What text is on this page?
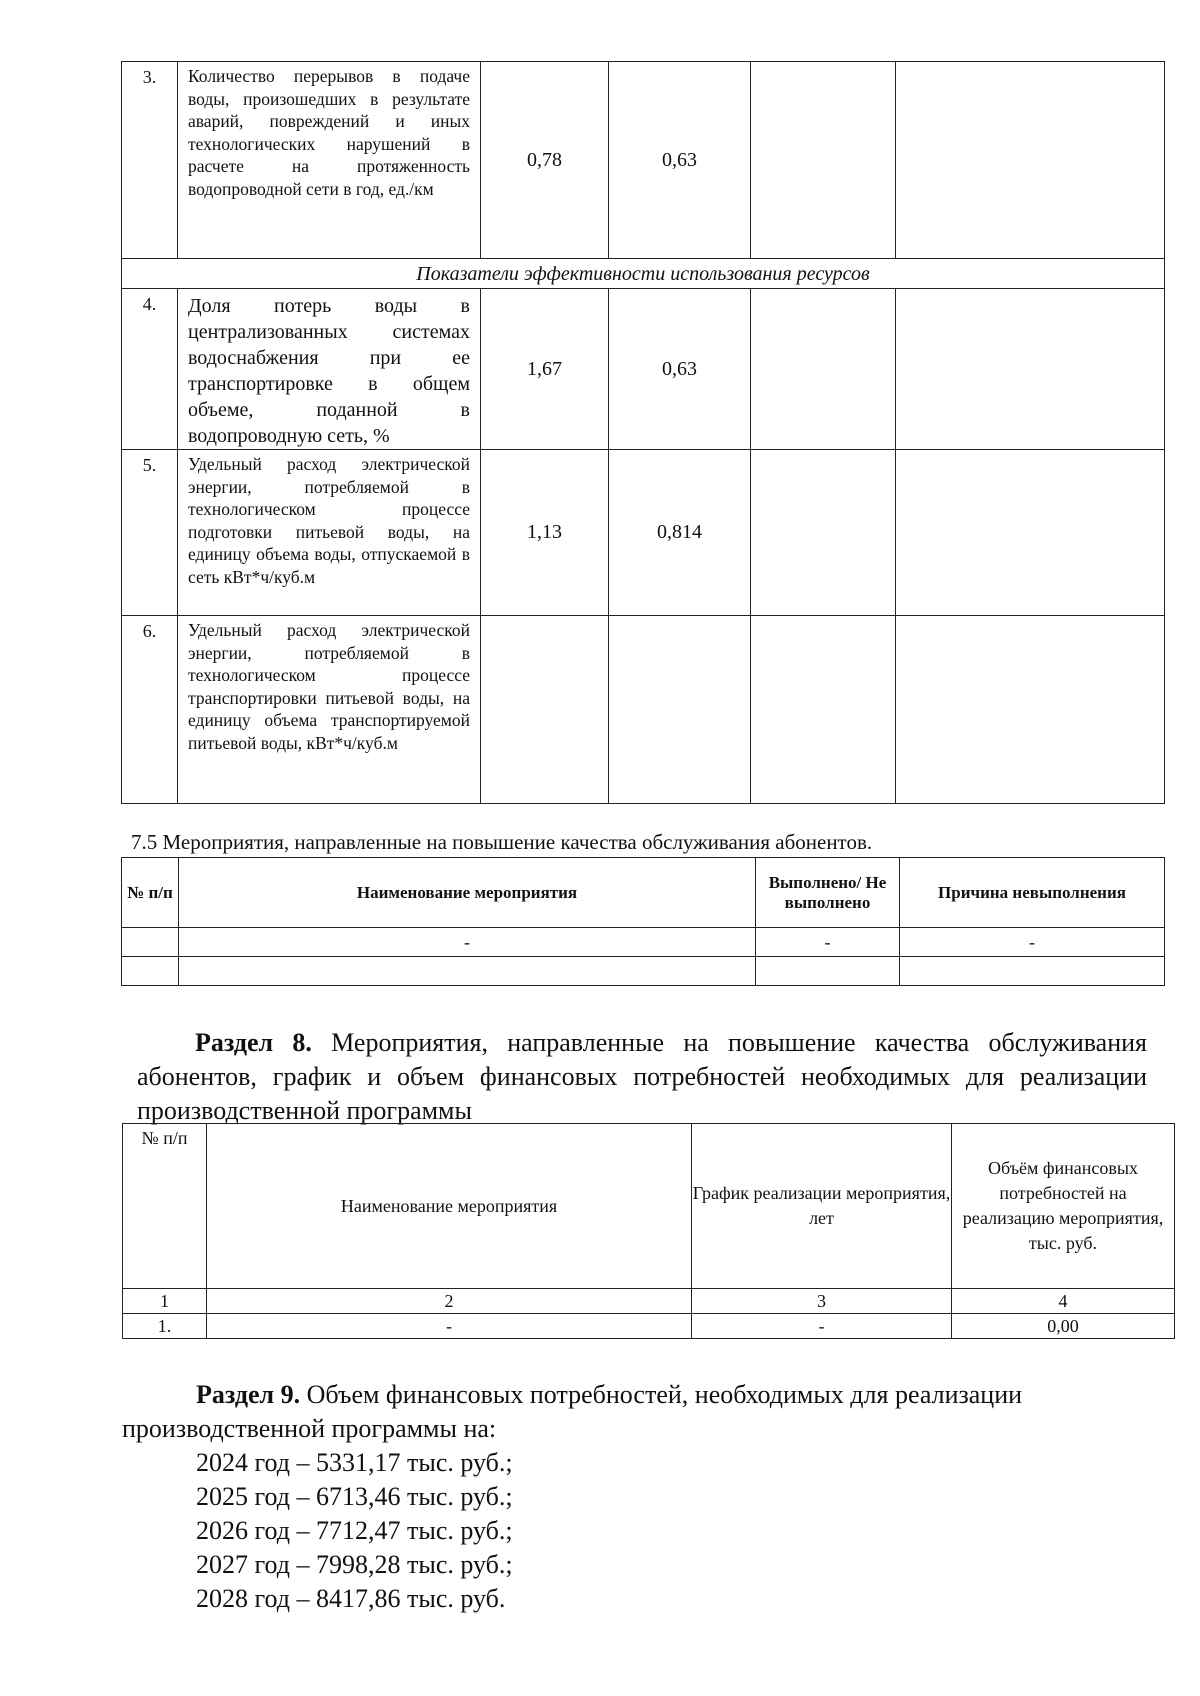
3.	Количество перерывов в подаче воды, произошедших в результате аварий, повреждений и иных технологических нарушений в расчете на протяженность водопроводной сети в год, ед./км	0,78	0,63		
Показатели эффективности использования ресурсов					
4.	Доля потерь воды в централизованных системах водоснабжения при ее транспортировке в общем объеме, поданной в водопроводную сеть, %	1,67	0,63		
5.	Удельный расход электрической энергии, потребляемой в технологическом процессе подготовки питьевой воды, на единицу объема воды, отпускаемой в сеть кВт*ч/куб.м	1,13	0,814		
6.	Удельный расход электрической энергии, потребляемой в технологическом процессе транспортировки питьевой воды, на единицу объема транспортируемой питьевой воды, кВт*ч/куб.м				
7.5 Мероприятия, направленные на повышение качества обслуживания абонентов.
№ п/п	Наименование мероприятия	Выполнено/ Не выполнено	Причина невыполнения
	-	-	-

Раздел 8. Мероприятия, направленные на повышение качества обслуживания абонентов, график и объем финансовых потребностей необходимых для реализации производственной программы
№ п/п	Наименование мероприятия	График реализации мероприятия, лет	Объём финансовых потребностей на реализацию мероприятия, тыс. руб.
1	2	3	4
1.	-	-	0,00
Раздел 9. Объем финансовых потребностей, необходимых для реализации производственной программы на:
2024 год – 5331,17 тыс. руб.;
2025 год – 6713,46 тыс. руб.;
2026 год – 7712,47 тыс. руб.;
2027 год – 7998,28 тыс. руб.;
2028 год – 8417,86 тыс. руб.
